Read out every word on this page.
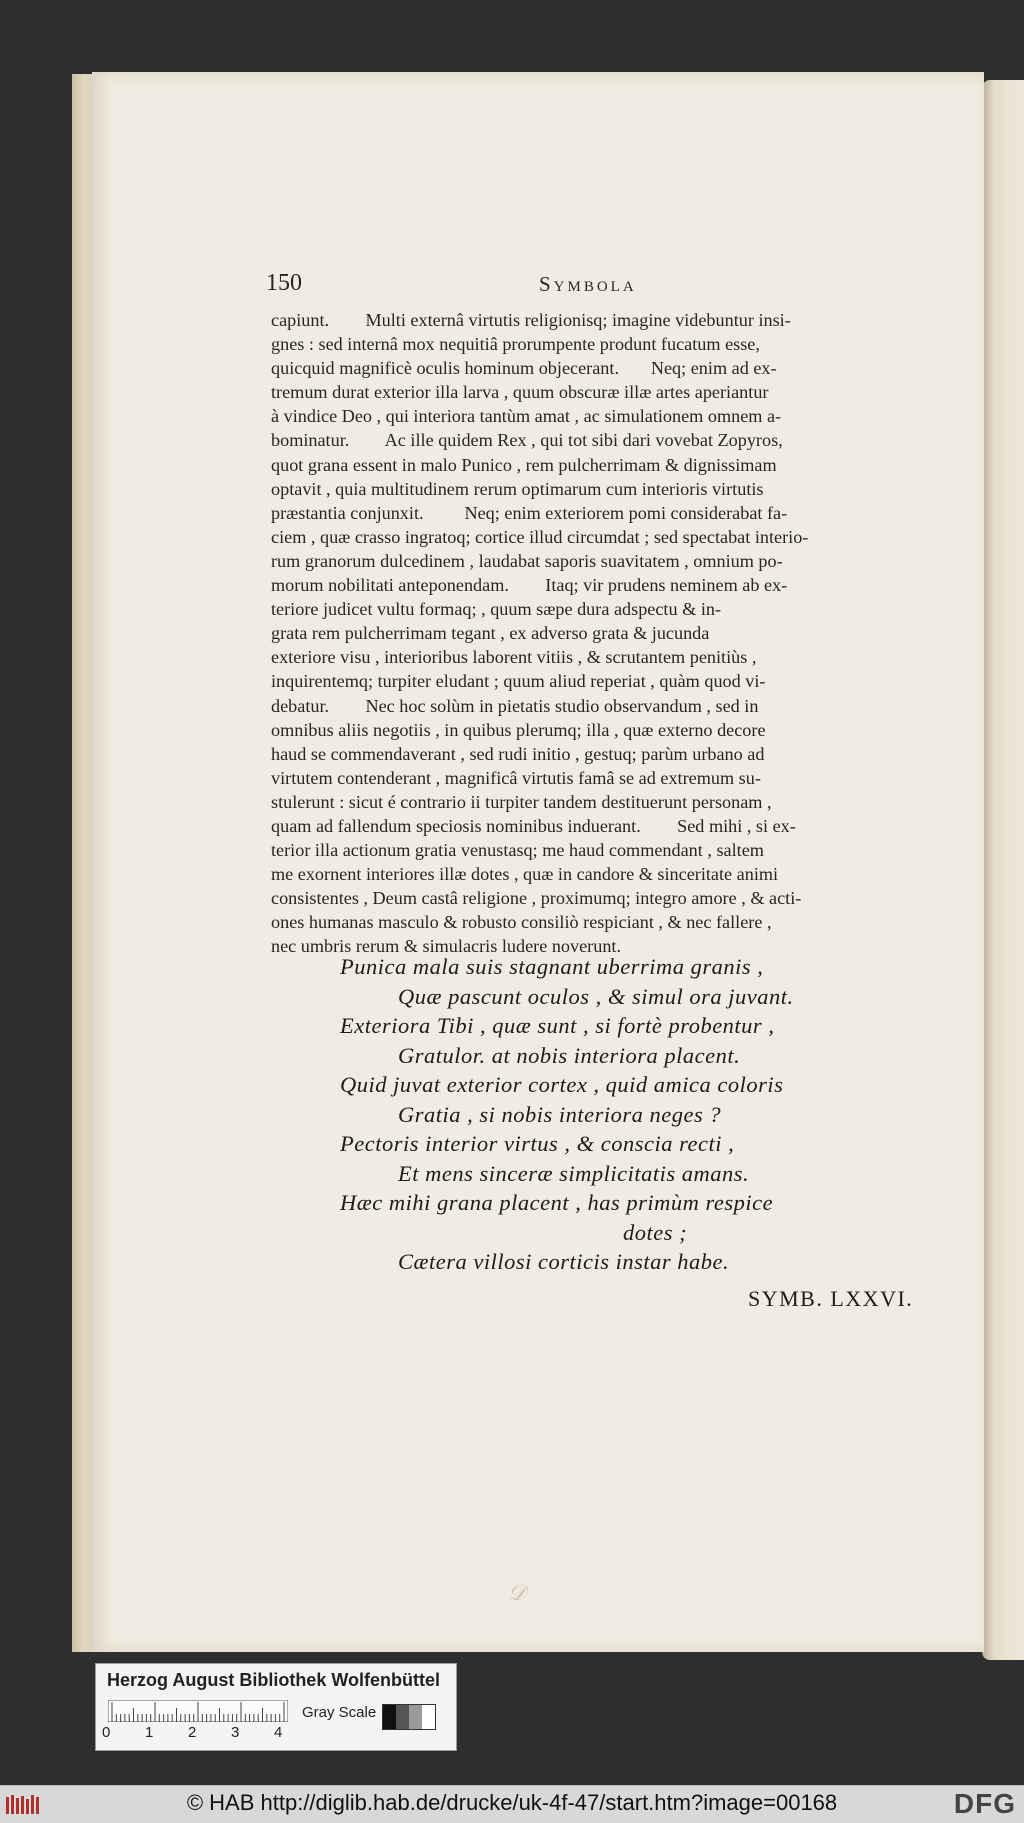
150	Symbola
capiunt.        Multi externâ virtutis religionisq; imagine videbuntur insi-
gnes : sed internâ mox nequitiâ prorumpente produnt fucatum esse,
quicquid magnificè oculis hominum objecerant.       Neq; enim ad ex-
tremum durat exterior illa larva , quum obscuræ illæ artes aperiantur
à vindice Deo , qui interiora tantùm amat , ac simulationem omnem a-
bominatur.        Ac ille quidem Rex , qui tot sibi dari vovebat Zopyros,
quot grana essent in malo Punico , rem pulcherrimam & dignissimam
optavit , quia multitudinem rerum optimarum cum interioris virtutis
præstantia conjunxit.         Neq; enim exteriorem pomi considerabat fa-
ciem , quæ crasso ingratoq; cortice illud circumdat ; sed spectabat interio-
rum granorum dulcedinem , laudabat saporis suavitatem , omnium po-
morum nobilitati anteponendam.        Itaq; vir prudens neminem ab ex-
teriore judicet vultu formaq; , quum sæpe dura adspectu & in-
grata rem pulcherrimam tegant , ex adverso grata & jucunda
exteriore visu , interioribus laborent vitiis , & scrutantem penitiùs ,
inquirentemq; turpiter eludant ; quum aliud reperiat , quàm quod vi-
debatur.        Nec hoc solùm in pietatis studio observandum , sed in
omnibus aliis negotiis , in quibus plerumq; illa , quæ externo decore
haud se commendaverant , sed rudi initio , gestuq; parùm urbano ad
virtutem contenderant , magnificâ virtutis famâ se ad extremum su-
stulerunt : sicut é contrario ii turpiter tandem destituerunt personam ,
quam ad fallendum speciosis nominibus induerant.        Sed mihi , si ex-
terior illa actionum gratia venustasq; me haud commendant , saltem
me exornent interiores illæ dotes , quæ in candore & sinceritate animi
consistentes , Deum castâ religione , proximumq; integro amore , & acti-
ones humanas masculo & robusto consiliò respiciant , & nec fallere ,
nec umbris rerum & simulacris ludere noverunt.
Punica mala suis stagnant uberrima granis ,
Quæ pascunt oculos , & simul ora juvant.
Exteriora Tibi , quæ sunt , si fortè probentur ,
Gratulor. at nobis interiora placent.
Quid juvat exterior cortex , quid amica coloris
Gratia , si nobis interiora neges ?
Pectoris interior virtus , & conscia recti ,
Et mens sinceræ simplicitatis amans.
Hæc mihi grana placent , has primùm respice
dotes ;
Cætera villosi corticis instar habe.
SYMB. LXXVI.
𝒟
Herzog August Bibliothek Wolfenbüttel
0 1 2 3 4
Gray Scale
© HAB http://diglib.hab.de/drucke/uk-4f-47/start.htm?image=00168	DFG
